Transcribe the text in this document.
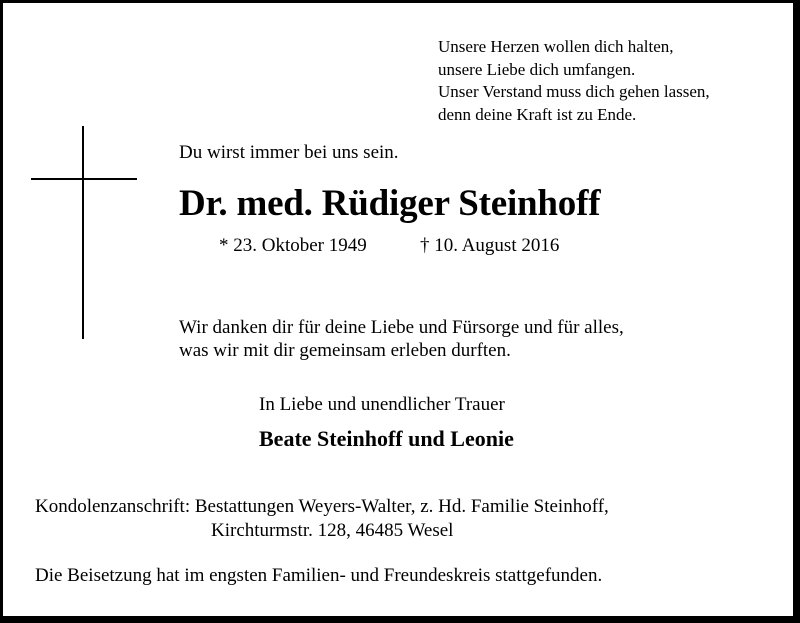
Unsere Herzen wollen dich halten,
unsere Liebe dich umfangen.
Unser Verstand muss dich gehen lassen,
denn deine Kraft ist zu Ende.
Du wirst immer bei uns sein.
Dr. med. Rüdiger Steinhoff
* 23. Oktober 1949	† 10. August 2016
Wir danken dir für deine Liebe und Fürsorge und für alles,
was wir mit dir gemeinsam erleben durften.
In Liebe und unendlicher Trauer
Beate Steinhoff und Leonie
Kondolenzanschrift: Bestattungen Weyers-Walter, z. Hd. Familie Steinhoff,
Kirchturmstr. 128, 46485 Wesel
Die Beisetzung hat im engsten Familien- und Freundeskreis stattgefunden.
